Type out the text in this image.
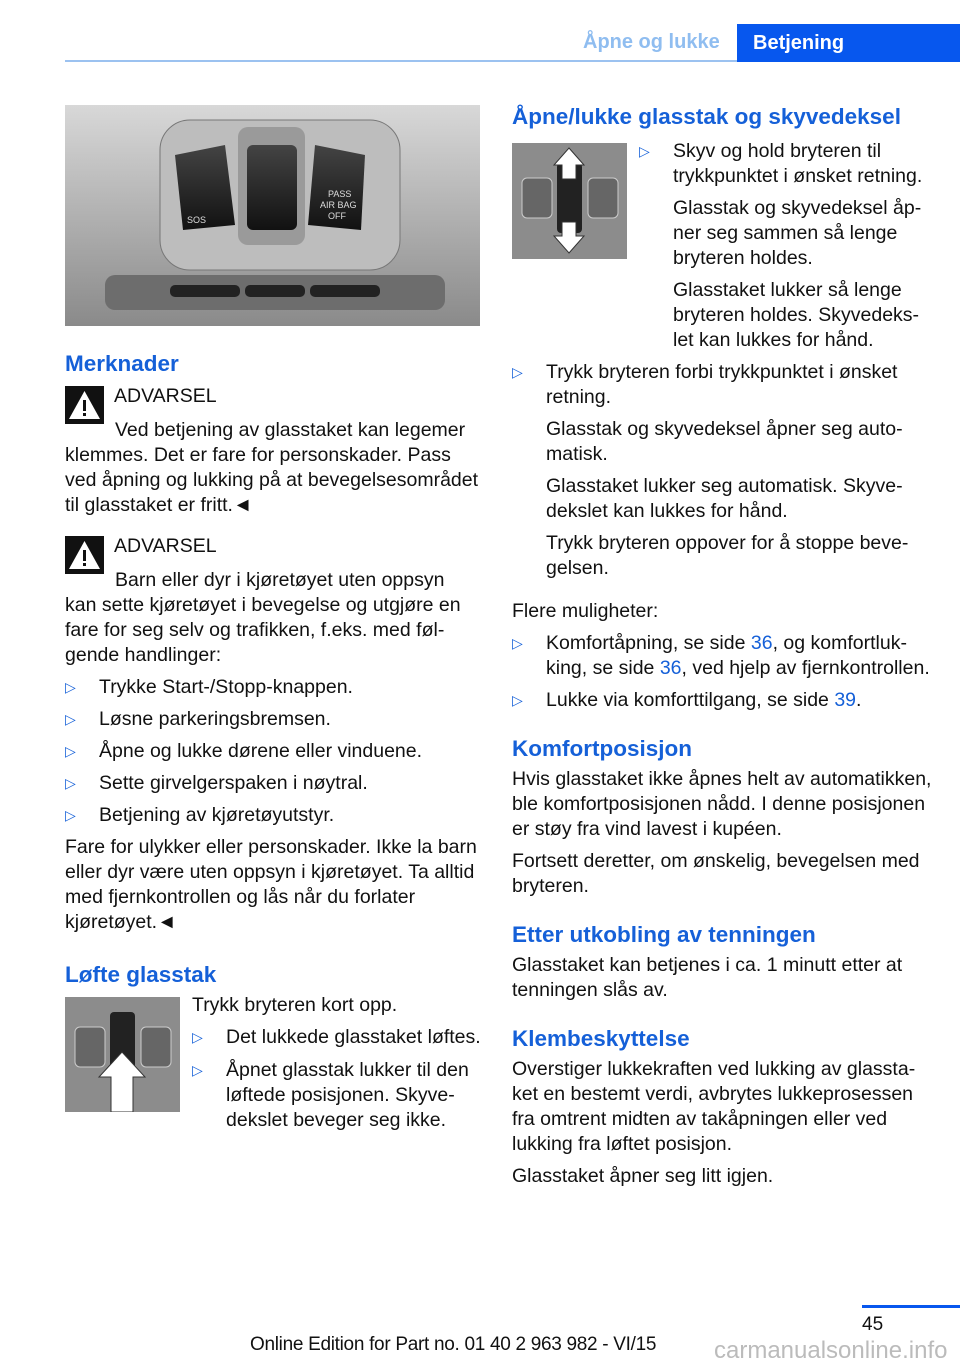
Åpne og lukke	Betjening
SOS
PASS
AIR BAG
OFF
Merknader
ADVARSEL

Ved betjening av glasstaket kan legemer klemmes. Det er fare for personskader. Pass ved åpning og lukking på at bevegelsesområdet til glasstaket er fritt.◄

ADVARSEL

Barn eller dyr i kjøretøyet uten oppsyn kan sette kjøretøyet i bevegelse og utgjøre en fare for seg selv og trafikken, f.eks. med følgende handlinger:

▷ Trykke Start-/Stopp-knappen.
▷ Løsne parkeringsbremsen.
▷ Åpne og lukke dørene eller vinduene.
▷ Sette girvelgerspaken i nøytral.
▷ Betjening av kjøretøyutstyr.

Fare for ulykker eller personskader. Ikke la barn eller dyr være uten oppsyn i kjøretøyet. Ta alltid med fjernkontrollen og lås når du forlater kjøretøyet.◄

Løfte glasstak

Trykk bryteren kort opp.

▷ Det lukkede glasstaket løftes.
▷ Åpnet glasstak lukker til den løftede posisjonen. Skyvedekslet beveger seg ikke.
Åpne/lukke glasstak og skyvedeksel
▷ Skyv og hold bryteren til trykkpunktet i ønsket retning.

Glasstak og skyvedeksel åpner seg sammen så lenge bryteren holdes.

Glasstaket lukker så lenge bryteren holdes. Skyvedekslet kan lukkes for hånd.

▷ Trykk bryteren forbi trykkpunktet i ønsket retning.

Glasstak og skyvedeksel åpner seg automatisk.

Glasstaket lukker seg automatisk. Skyvedekslet kan lukkes for hånd.

Trykk bryteren oppover for å stoppe bevegelsen.

Flere muligheter:

▷ Komfortåpning, se side 36, og komfortlukking, se side 36, ved hjelp av fjernkontrollen.
▷ Lukke via komforttilgang, se side 39.
Komfortposisjon

Hvis glasstaket ikke åpnes helt av automatikken, ble komfortposisjonen nådd. I denne posisjonen er støy fra vind lavest i kupéen.

Fortsett deretter, om ønskelig, bevegelsen med bryteren.

Etter utkobling av tenningen

Glasstaket kan betjenes i ca. 1 minutt etter at tenningen slås av.

Klembeskyttelse

Overstiger lukkekraften ved lukking av glasstaket en bestemt verdi, avbrytes lukkeprosessen fra omtrent midten av takåpningen eller ved lukking fra løftet posisjon.

Glasstaket åpner seg litt igjen.

45
Online Edition for Part no. 01 40 2 963 982 - VI/15 carmanualsonline.info
